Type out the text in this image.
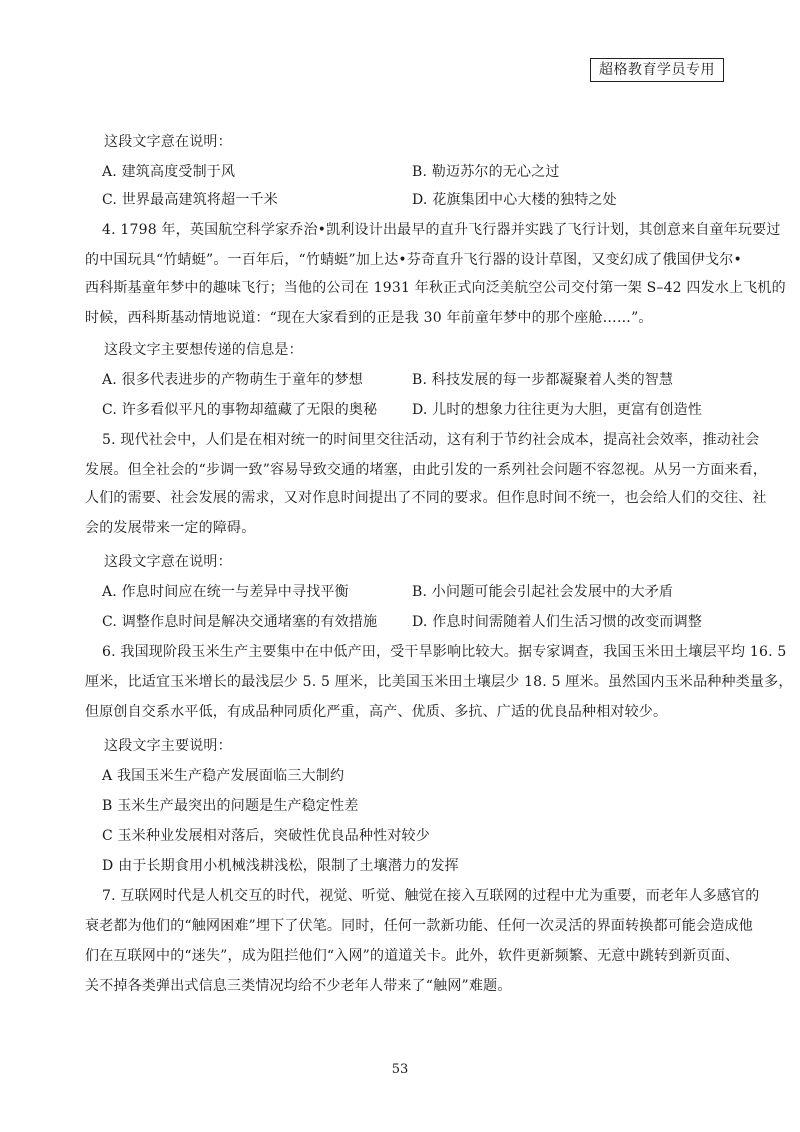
超格教育学员专用
这段文字意在说明：
A. 建筑高度受制于风	B. 勒迈苏尔的无心之过
C. 世界最高建筑将超一千米	D. 花旗集团中心大楼的独特之处
4. 1798 年，英国航空科学家乔治•凯利设计出最早的直升飞行器并实践了飞行计划，其创意来自童年玩要过
的中国玩具“竹蜻蜓”。一百年后，“竹蜻蜓”加上达•芬奇直升飞行器的设计草图，又变幻成了俄国伊戈尔•
西科斯基童年梦中的趣味飞行；当他的公司在 1931 年秋正式向泛美航空公司交付第一架 S–42 四发水上飞机的
时候，西科斯基动情地说道：“现在大家看到的正是我 30 年前童年梦中的那个座舱……”。
这段文字主要想传递的信息是：
A. 很多代表进步的产物萌生于童年的梦想	B. 科技发展的每一步都凝聚着人类的智慧
C. 许多看似平凡的事物却蕴藏了无限的奥秘	D. 儿时的想象力往往更为大胆，更富有创造性
5. 现代社会中，人们是在相对统一的时间里交往活动，这有利于节约社会成本，提高社会效率，推动社会
发展。但全社会的“步调一致”容易导致交通的堵塞，由此引发的一系列社会问题不容忽视。从另一方面来看，
人们的需要、社会发展的需求，又对作息时间提出了不同的要求。但作息时间不统一，也会给人们的交往、社
会的发展带来一定的障碍。
这段文字意在说明：
A. 作息时间应在统一与差异中寻找平衡	B. 小问题可能会引起社会发展中的大矛盾
C. 调整作息时间是解决交通堵塞的有效措施	D. 作息时间需随着人们生活习惯的改变而调整
6. 我国现阶段玉米生产主要集中在中低产田，受干旱影响比较大。据专家调查，我国玉米田土壤层平均 16. 5
厘米，比适宜玉米增长的最浅层少 5. 5 厘米，比美国玉米田土壤层少 18. 5 厘米。虽然国内玉米品种种类量多，
但原创自交系水平低，有成品种同质化严重，高产、优质、多抗、广适的优良品种相对较少。
这段文字主要说明：
A 我国玉米生产稳产发展面临三大制约
B 玉米生产最突出的问题是生产稳定性差
C 玉米种业发展相对落后，突破性优良品种性对较少
D 由于长期食用小机械浅耕浅松，限制了土壤潜力的发挥
7. 互联网时代是人机交互的时代，视觉、听觉、触觉在接入互联网的过程中尤为重要，而老年人多感官的
衰老都为他们的“触网困难”埋下了伏笔。同时，任何一款新功能、任何一次灵活的界面转换都可能会造成他
们在互联网中的“迷失”，成为阻拦他们“入网”的道道关卡。此外，软件更新频繁、无意中跳转到新页面、
关不掉各类弹出式信息三类情况均给不少老年人带来了“触网”难题。
53
